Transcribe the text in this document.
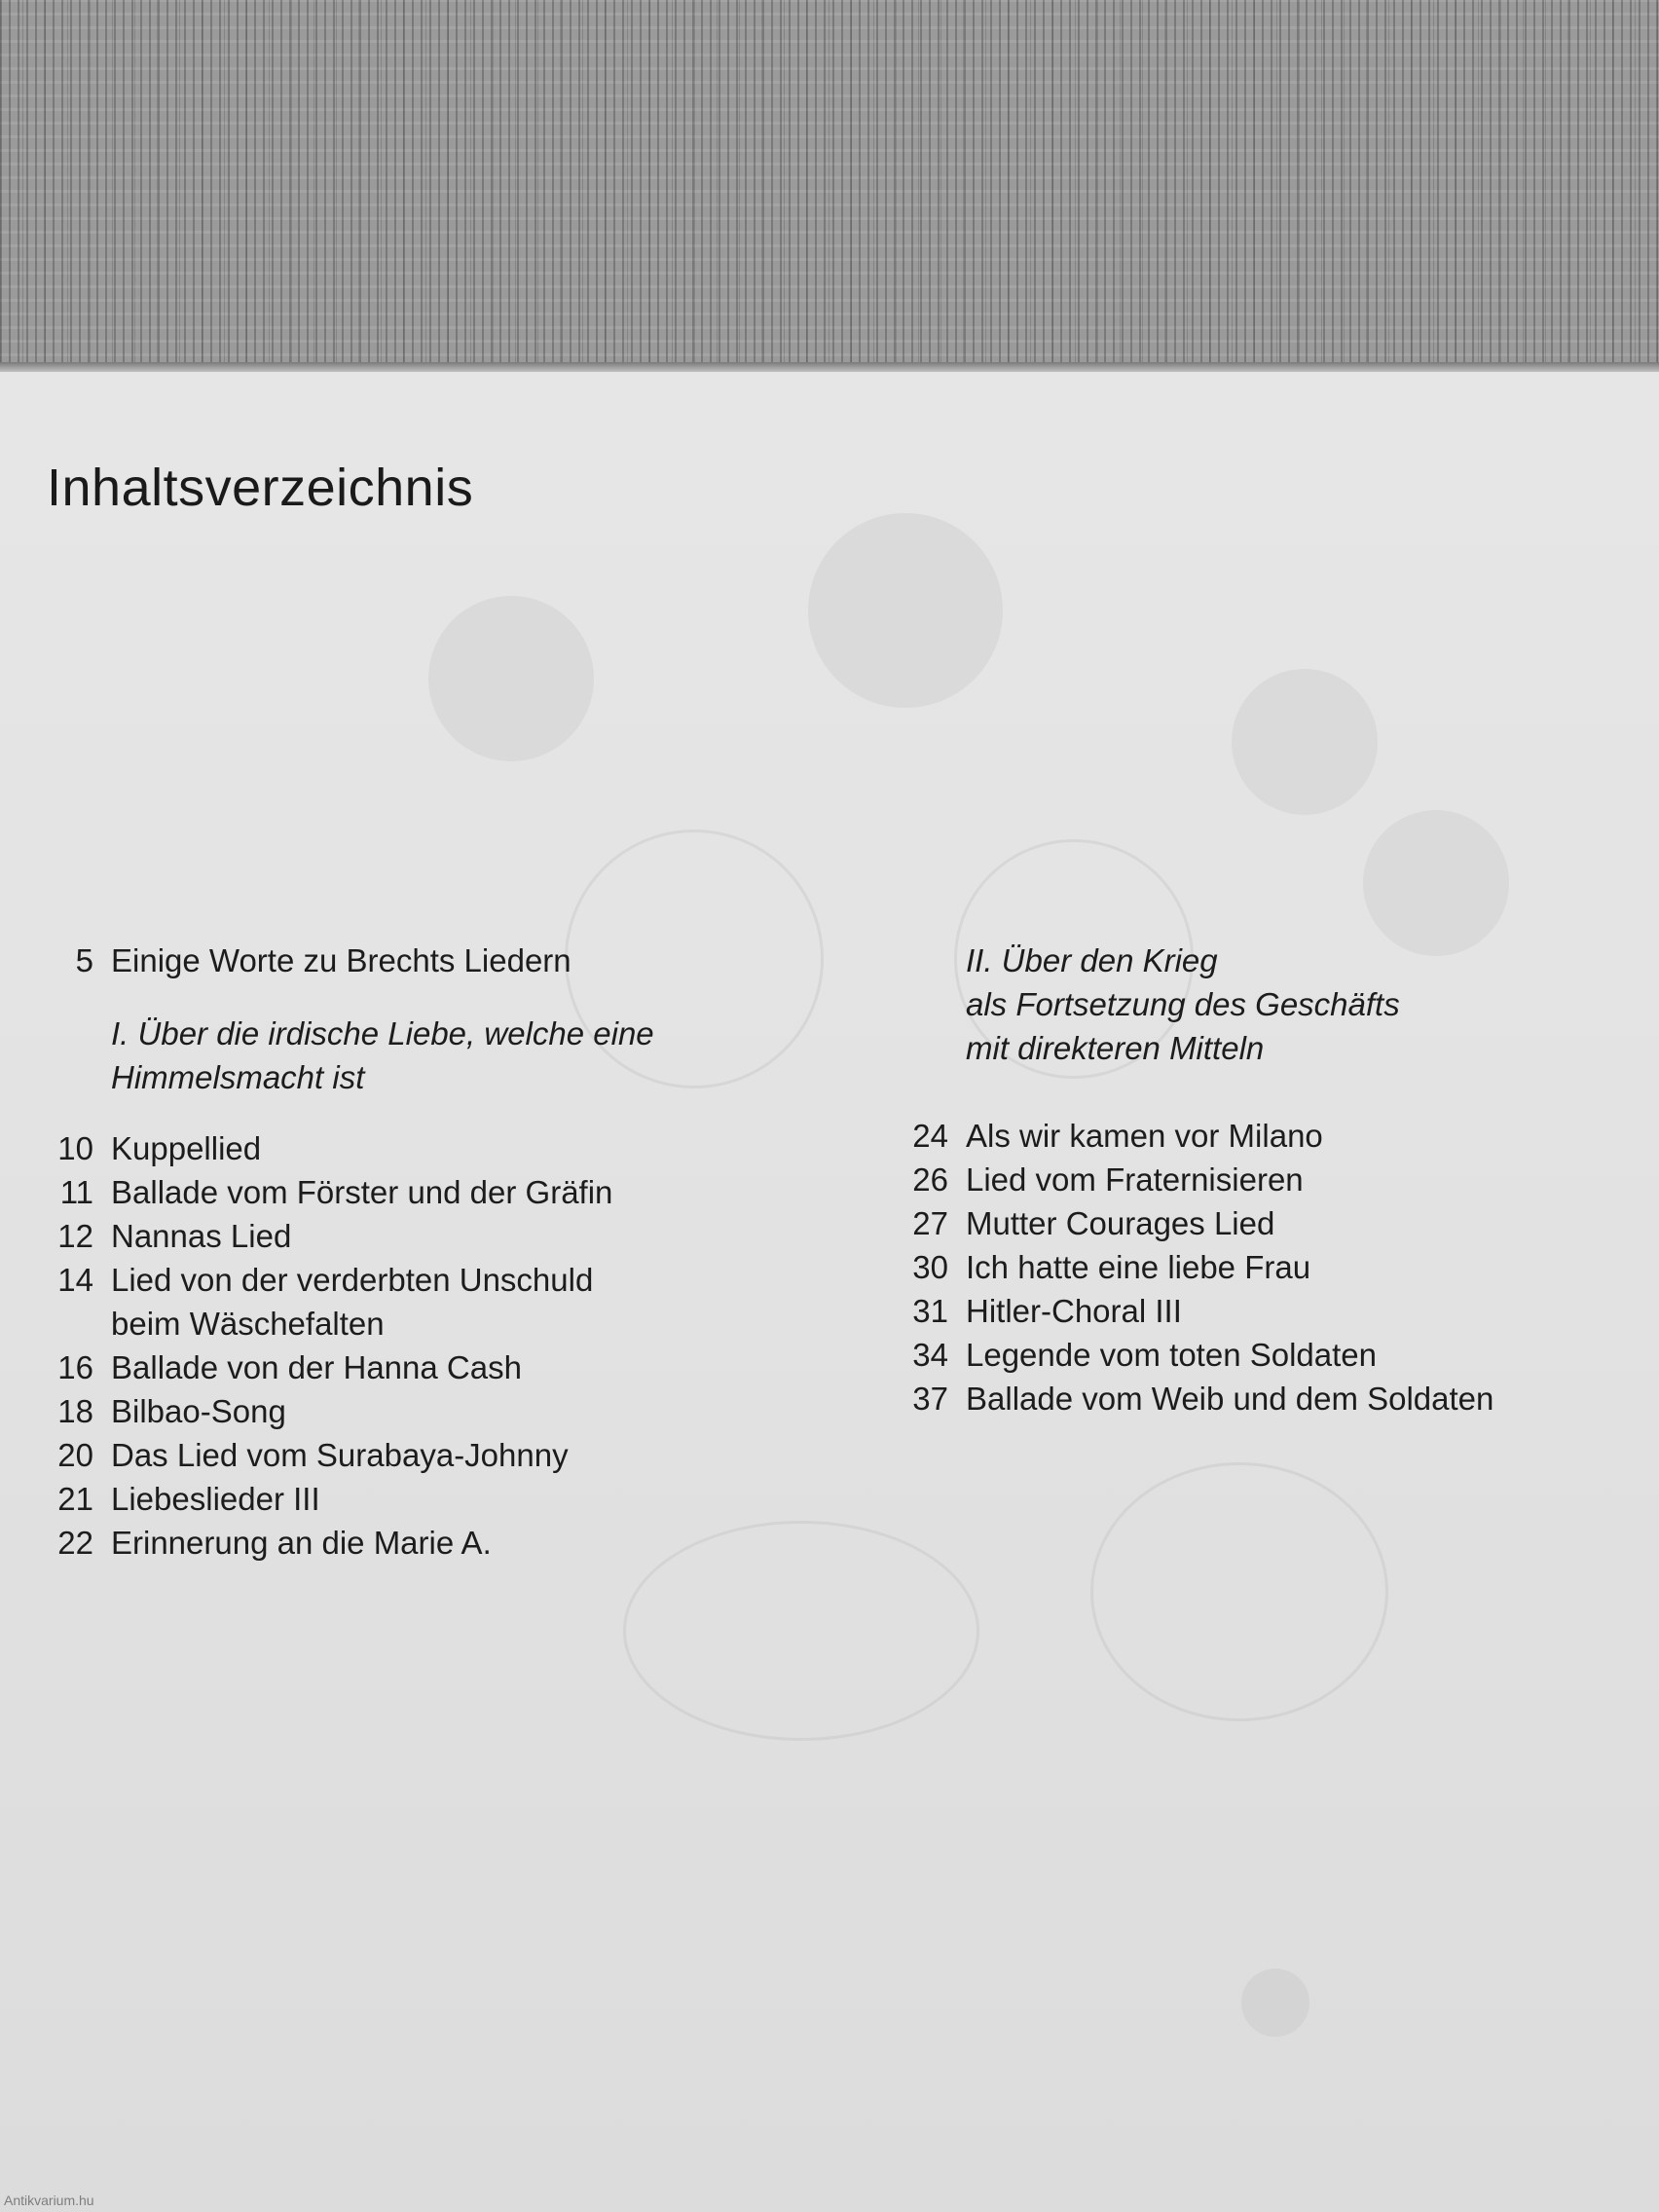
Inhaltsverzeichnis
5 Einige Worte zu Brechts Liedern
I. Über die irdische Liebe, welche eine
Himmelsmacht ist
10 Kuppellied
11 Ballade vom Förster und der Gräfin
12 Nannas Lied
14 Lied von der verderbten Unschuld
beim Wäschefalten
16 Ballade von der Hanna Cash
18 Bilbao-Song
20 Das Lied vom Surabaya-Johnny
21 Liebeslieder III
22 Erinnerung an die Marie A.
II. Über den Krieg
als Fortsetzung des Geschäfts
mit direkteren Mitteln
24 Als wir kamen vor Milano
26 Lied vom Fraternisieren
27 Mutter Courages Lied
30 Ich hatte eine liebe Frau
31 Hitler-Choral III
34 Legende vom toten Soldaten
37 Ballade vom Weib und dem Soldaten
Antikvarium.hu
